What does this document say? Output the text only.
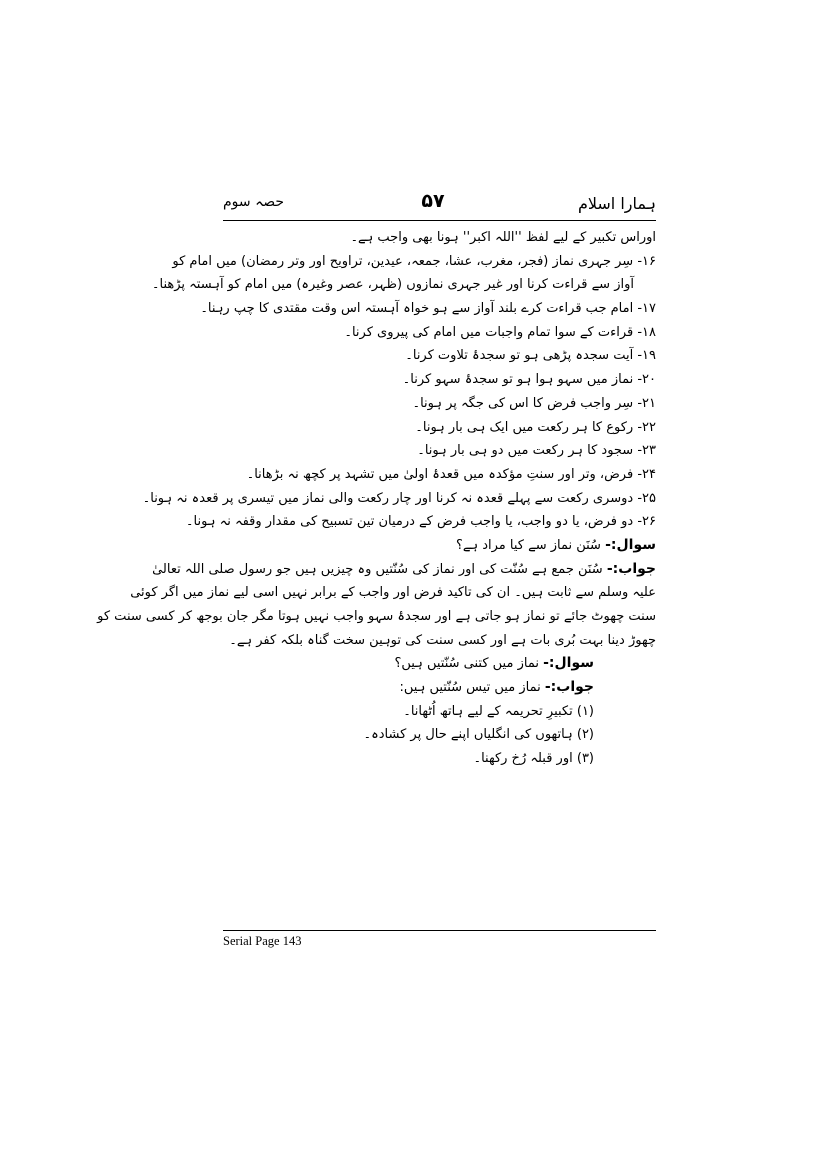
ہمارا اسلام
۵۷
حصہ سوم
اوراس تکبیر کے لیے لفظ ''اللہ اکبر'' ہونا بھی واجب ہے۔
۱۶- سِر جہری نماز (فجر، مغرب، عشا، جمعہ، عیدین، تراویح اور وتر رمضان) میں امام کو
آواز سے قراءت کرنا اور غیر جہری نمازوں (ظہر، عصر وغیرہ) میں امام کو آہستہ پڑھنا۔
۱۷- امام جب قراءت کرے بلند آواز سے ہو خواہ آہستہ اس وقت مقتدی کا چپ رہنا۔
۱۸- قراءت کے سوا تمام واجبات میں امام کی پیروی کرنا۔
۱۹- آیت سجدہ پڑھی ہو تو سجدۂ تلاوت کرنا۔
۲۰- نماز میں سہو ہوا ہو تو سجدۂ سہو کرنا۔
۲۱- سِر واجب فرض کا اس کی جگہ پر ہونا۔
۲۲- رکوع کا ہر رکعت میں ایک ہی بار ہونا۔
۲۳- سجود کا ہر رکعت میں دو ہی بار ہونا۔
۲۴- فرض، وتر اور سنتِ مؤکدہ میں قعدۂ اولیٰ میں تشہد پر کچھ نہ بڑھانا۔
۲۵- دوسری رکعت سے پہلے قعدہ نہ کرنا اور چار رکعت والی نماز میں تیسری پر قعدہ نہ ہونا۔
۲۶- دو فرض، یا دو واجب، یا واجب فرض کے درمیان تین تسبیح کی مقدار وقفہ نہ ہونا۔
سوال:- سُنَن نماز سے کیا مراد ہے؟
جواب:- سُنَن جمع ہے سُنّت کی اور نماز کی سُنّتیں وہ چیزیں ہیں جو رسول صلی اللہ تعالیٰ
علیہ وسلم سے ثابت ہیں۔ ان کی تاکید فرض اور واجب کے برابر نہیں اسی لیے نماز میں اگر کوئی
سنت چھوٹ جائے تو نماز ہو جاتی ہے اور سجدۂ سہو واجب نہیں ہوتا مگر جان بوجھ کر کسی سنت کو
چھوڑ دینا بہت بُری بات ہے اور کسی سنت کی توہین سخت گناہ بلکہ کفر ہے۔
سوال:- نماز میں کتنی سُنّتیں ہیں؟
جواب:- نماز میں تیس سُنّتیں ہیں:
(۱) تکبیرِ تحریمہ کے لیے ہاتھ اُٹھانا۔
(۲) ہاتھوں کی انگلیاں اپنے حال پر کشادہ۔
(۳) اور قبلہ رُخ رکھنا۔
Serial Page 143
